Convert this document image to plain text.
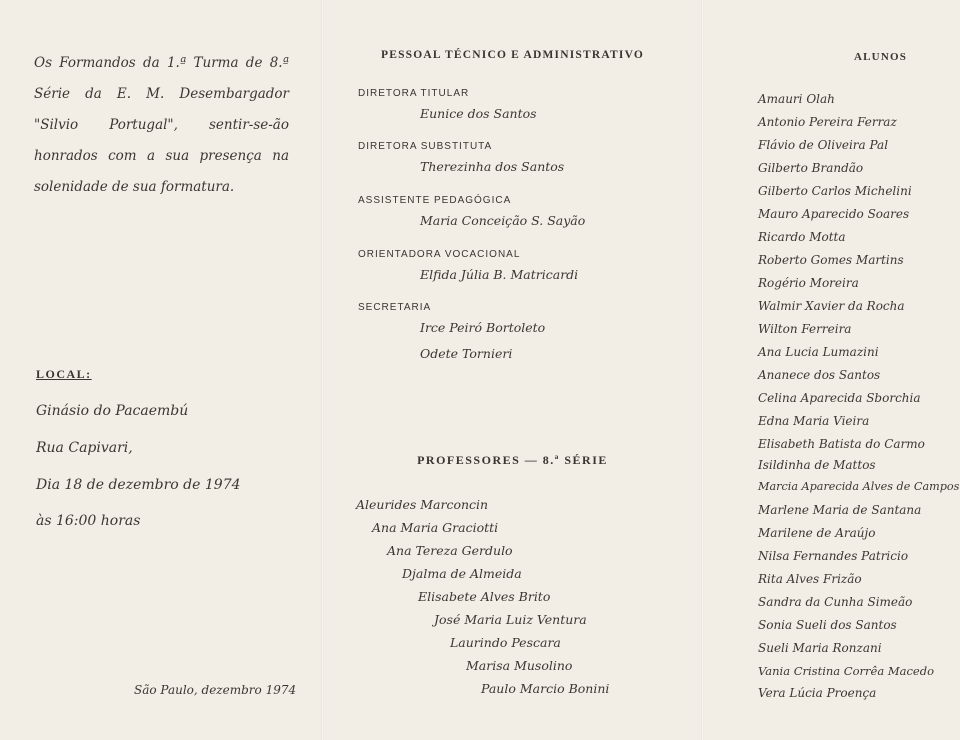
Os Formandos da 1.ª Turma de 8.ª Série da E. M. Desembargador "Silvio Portugal", sentir-se-ão honrados com a sua presença na solenidade de sua formatura.
LOCAL:
Ginásio do Pacaembú
Rua Capivari,
Dia 18 de dezembro de 1974
às 16:00 horas
São Paulo, dezembro 1974
PESSOAL TÉCNICO E ADMINISTRATIVO
DIRETORA TITULAR
Eunice dos Santos
DIRETORA SUBSTITUTA
Therezinha dos Santos
ASSISTENTE PEDAGÓGICA
Maria Conceição S. Sayão
ORIENTADORA VOCACIONAL
Elfida Júlia B. Matricardi
SECRETARIA
Irce Peiró Bortoleto
Odete Tornieri
PROFESSORES — 8.ª SÉRIE
Aleurides Marconcin
Ana Maria Graciotti
Ana Tereza Gerdulo
Djalma de Almeida
Elisabete Alves Brito
José Maria Luiz Ventura
Laurindo Pescara
Marisa Musolino
Paulo Marcio Bonini
ALUNOS
Amauri Olah
Antonio Pereira Ferraz
Flávio de Oliveira Pal
Gilberto Brandão
Gilberto Carlos Michelini
Mauro Aparecido Soares
Ricardo Motta
Roberto Gomes Martins
Rogério Moreira
Walmir Xavier da Rocha
Wilton Ferreira
Ana Lucia Lumazini
Ananece dos Santos
Celina Aparecida Sborchia
Edna Maria Vieira
Elisabeth Batista do Carmo
Isildinha de Mattos
Marcia Aparecida Alves de Campos
Marlene Maria de Santana
Marilene de Araújo
Nilsa Fernandes Patricio
Rita Alves Frizão
Sandra da Cunha Simeão
Sonia Sueli dos Santos
Sueli Maria Ronzani
Vania Cristina Corrêa Macedo
Vera Lúcia Proença
